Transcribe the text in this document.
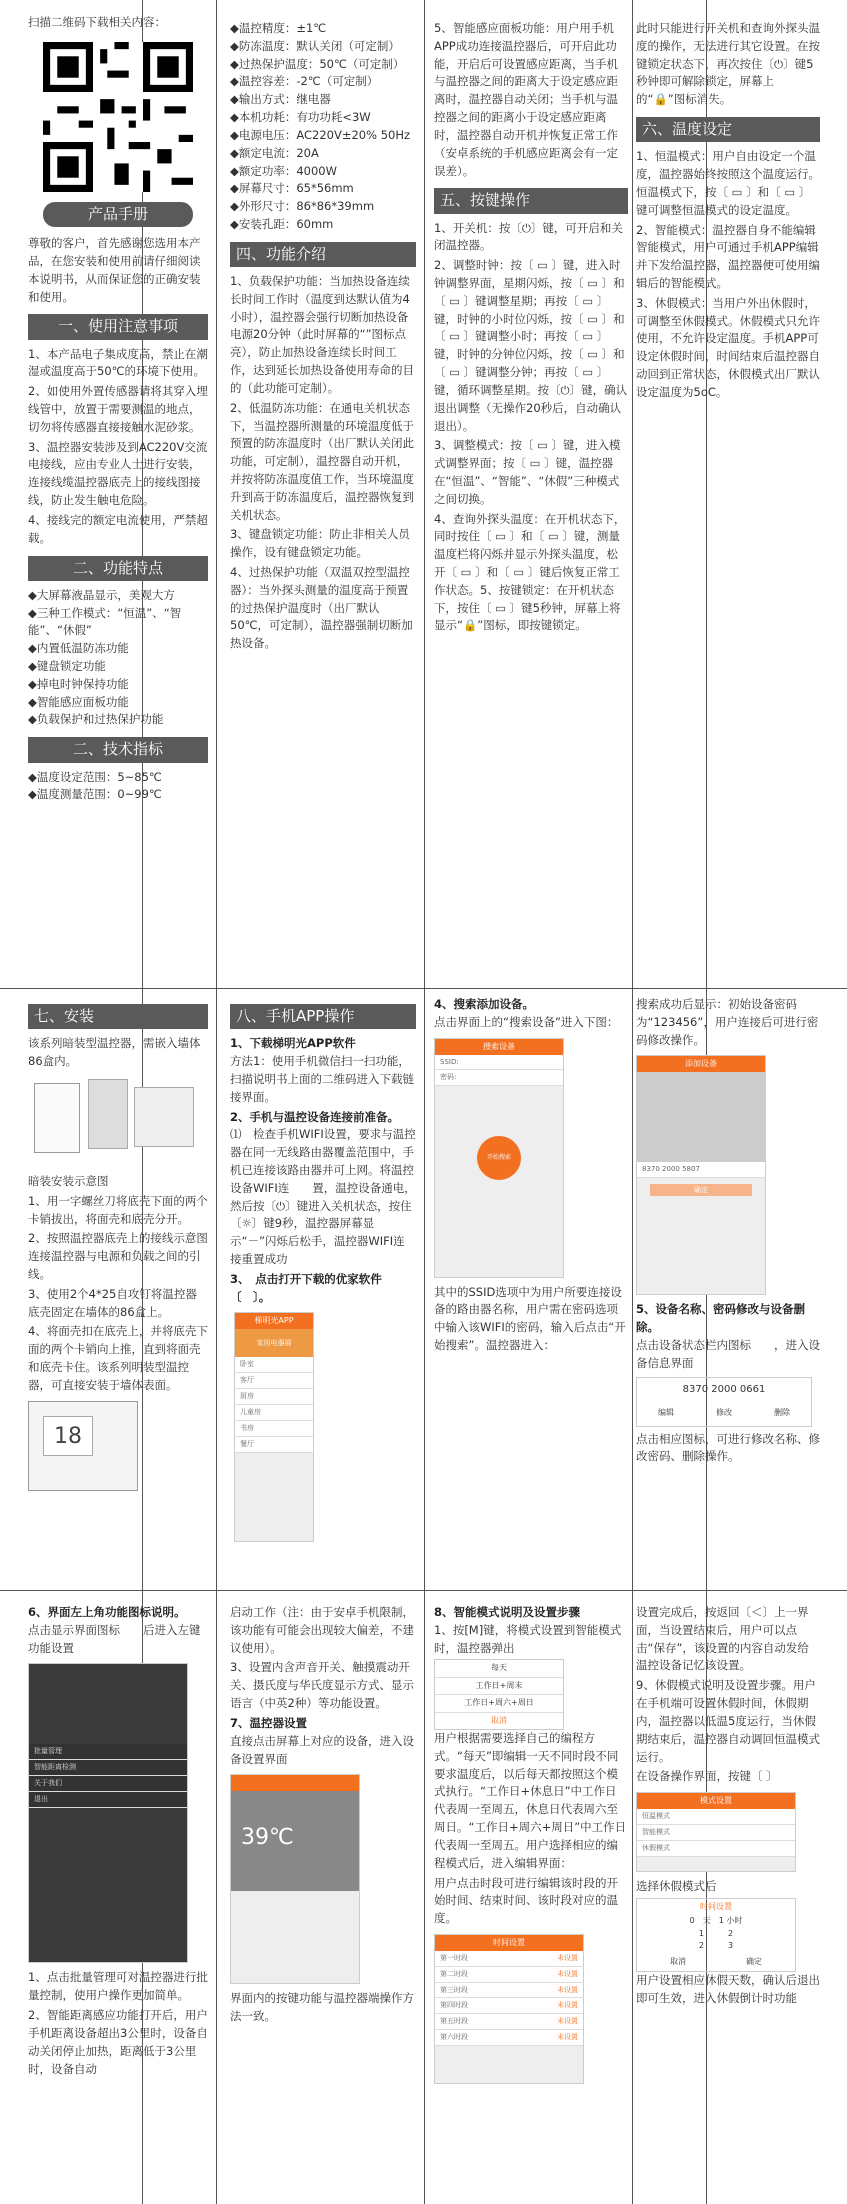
扫描二维码下载相关内容：
产品手册
尊敬的客户，首先感谢您选用本产品，在您安装和使用前请仔细阅读本说明书，从而保证您的正确安装和使用。
一、使用注意事项
1、本产品电子集成度高，禁止在潮湿或温度高于50℃的环境下使用。
2、如使用外置传感器请将其穿入埋线管中，放置于需要测温的地点，切勿将传感器直接接触水泥砂浆。
3、温控器安装涉及到AC220V交流电接线，应由专业人士进行安装，连接线缆温控器底壳上的接线图接线，防止发生触电危险。
4、接线完的额定电流使用，严禁超载。
二、功能特点
◆大屏幕液晶显示，美观大方
◆三种工作模式：“恒温”、“智能”、“休假”
◆内置低温防冻功能
◆键盘锁定功能
◆掉电时钟保持功能
◆智能感应面板功能
◆负载保护和过热保护功能
二、技术指标
◆温度设定范围：5~85℃
◆温度测量范围：0~99℃
◆温控精度：±1℃
◆防冻温度：默认关闭（可定制）
◆过热保护温度：50℃（可定制）
◆温控容差：-2℃（可定制）
◆输出方式：继电器
◆本机功耗：有功功耗<3W
◆电源电压：AC220V±20% 50Hz
◆额定电流：20A
◆额定功率：4000W
◆屏幕尺寸：65*56mm
◆外形尺寸：86*86*39mm
◆安装孔距：60mm
四、功能介绍
1、负载保护功能：当加热设备连续长时间工作时（温度到达默认值为4小时），温控器会强行切断加热设备电源20分钟（此时屏幕的“”图标点亮），防止加热设备连续长时间工作，达到延长加热设备使用寿命的目的（此功能可定制）。
2、低温防冻功能：在通电关机状态下，当温控器所测量的环境温度低于预置的防冻温度时（出厂默认关闭此功能，可定制），温控器自动开机，并按将防冻温度值工作，当环境温度升到高于防冻温度后，温控器恢复到关机状态。
3、键盘锁定功能：防止非相关人员操作，设有键盘锁定功能。
4、过热保护功能（双温双控型温控器）：当外探头测量的温度高于预置的过热保护温度时（出厂默认50℃，可定制），温控器强制切断加热设备。
5、智能感应面板功能：用户用手机APP成功连接温控器后，可开启此功能，开启后可设置感应距离，当手机与温控器之间的距离大于设定感应距离时，温控器自动关闭；当手机与温控器之间的距离小于设定感应距离时，温控器自动开机并恢复正常工作（安卓系统的手机感应距离会有一定误差）。
五、按键操作
1、开关机：按〔⏻〕键，可开启和关闭温控器。
2、调整时钟：按〔 ▭ 〕键，进入时钟调整界面，星期闪烁，按〔 ▭ 〕和〔 ▭ 〕键调整星期；再按〔 ▭ 〕键，时钟的小时位闪烁，按〔 ▭ 〕和〔 ▭ 〕键调整小时；再按〔 ▭ 〕键，时钟的分钟位闪烁，按〔 ▭ 〕和〔 ▭ 〕键调整分钟；再按〔 ▭ 〕键，循环调整星期。按〔⏻〕键，确认退出调整（无操作20秒后，自动确认退出）。
3、调整模式：按〔 ▭ 〕键，进入模式调整界面；按〔 ▭ 〕键，温控器在“恒温”、“智能”、“休假”三种模式之间切换。
4、查询外探头温度：在开机状态下，同时按住〔 ▭ 〕和〔 ▭ 〕键，测量温度栏将闪烁并显示外探头温度，松开〔 ▭ 〕和〔 ▭ 〕键后恢复正常工作状态。5、按键锁定：在开机状态下，按住〔 ▭ 〕键5秒钟，屏幕上将显示“🔒”图标，即按键锁定。
此时只能进行开关机和查询外探头温度的操作，无法进行其它设置。在按键锁定状态下，再次按住〔⏻〕键5秒钟即可解除锁定，屏幕上的“🔒”图标消失。
六、温度设定
1、恒温模式：用户自由设定一个温度，温控器始终按照这个温度运行。恒温模式下，按〔 ▭ 〕和〔 ▭ 〕键可调整恒温模式的设定温度。
2、智能模式：温控器自身不能编辑智能模式，用户可通过手机APP编辑并下发给温控器，温控器便可使用编辑后的智能模式。
3、休假模式：当用户外出休假时，可调整至休假模式。休假模式只允许使用，不允许设定温度。手机APP可设定休假时间，时间结束后温控器自动回到正常状态，休假模式出厂默认设定温度为5oC。
七、安装
该系列暗装型温控器，需嵌入墙体86盒内。
暗装安装示意图
1、用一字螺丝刀将底壳下面的两个卡销拔出，将面壳和底壳分开。
2、按照温控器底壳上的接线示意图连接温控器与电源和负载之间的引线。
3、使用2个4*25自攻钉将温控器底壳固定在墙体的86盒上。
4、将面壳扣在底壳上，并将底壳下面的两个卡销向上推，直到将面壳和底壳卡住。该系列明装型温控器，可直接安装于墙体表面。
18
八、手机APP操作
1、下载梯明光APP软件
方法1：使用手机微信扫一扫功能，扫描说明书上面的二维码进入下载链接界面。
2、手机与温控设备连接前准备。
⑴　检查手机WIFI设置，要求与温控器在同一无线路由器覆盖范围中，手机已连接该路由器并可上网。将温控设备WIFI连　　置，温控设备通电，然后按〔⏻〕键进入关机状态，按住〔☼〕键9秒，温控器屏幕显示“－”闪烁后松手，温控器WIFI连接重置成功
3、　点击打开下载的优家软件〔　〕。
梯明光APP
家用电器展
卧室
客厅
厨房
儿童房
书房
餐厅
4、搜索添加设备。
点击界面上的“搜索设备”进入下图：
搜索设备
SSID:
密码:
开始搜索
其中的SSID选项中为用户所要连接设备的路由器名称，用户需在密码选项中输入该WIFI的密码，输入后点击“开始搜索”。温控器进入：
搜索成功后显示：初始设备密码为“123456”，用户连接后可进行密码修改操作。
添加设备
8370 2000 5807
确定
5、设备名称、密码修改与设备删除。
点击设备状态栏内图标　　，进入设备信息界面
8370 2000 0661
编辑	修改	删除
点击相应图标，可进行修改名称、修改密码、删除操作。
6、界面左上角功能图标说明。
点击显示界面图标　　后进入左键功能设置
批量管理
智能距离检测
关于我们
退出
1、点击批量管理可对温控器进行批量控制，使用户操作更加简单。
2、智能距离感应功能打开后，用户手机距离设备超出3公里时，设备自动关闭停止加热，距离低于3公里时，设备自动
启动工作（注：由于安卓手机限制，该功能有可能会出现较大偏差，不建议使用）。
3、设置内含声音开关、触摸震动开关、摄氏度与华氏度显示方式、显示语言（中英2种）等功能设置。
7、温控器设置
直接点击屏幕上对应的设备，进入设备设置界面
39℃
界面内的按键功能与温控器端操作方法一致。
8、智能模式说明及设置步骤
1、按[M]键，将模式设置到智能模式时，温控器弹出
每天
工作日+周末
工作日+周六+周日
取消
用户根据需要选择自己的编程方式。“每天”即编辑一天不同时段不同要求温度后，以后每天都按照这个模式执行。“工作日+休息日”中工作日代表周一至周五，休息日代表周六至周日。“工作日+周六+周日”中工作日代表周一至周五。用户选择相应的编程模式后，进入编辑界面：
用户点击时段可进行编辑该时段的开始时间、结束时间、该时段对应的温度。
时间设置
第一时段	未设置
第二时段	未设置
第三时段	未设置
第四时段	未设置
第五时段	未设置
第六时段	未设置
设置完成后，按返回〔＜〕上一界面，当设置结束后，用户可以点击“保存”，该设置的内容自动发给温控设备记忆该设置。
9、休假模式说明及设置步骤。用户在手机端可设置休假时间，休假期内，温控器以低温5度运行，当休假期结束后，温控器自动调回恒温模式运行。
在设备操作界面，按键〔 〕
模式设置
恒温模式
智能模式
休假模式
选择休假模式后
时间设置
0　天　1 小时
1　　　2
2　　　3
取消	确定
用户设置相应休假天数，确认后退出即可生效，进入休假倒计时功能
